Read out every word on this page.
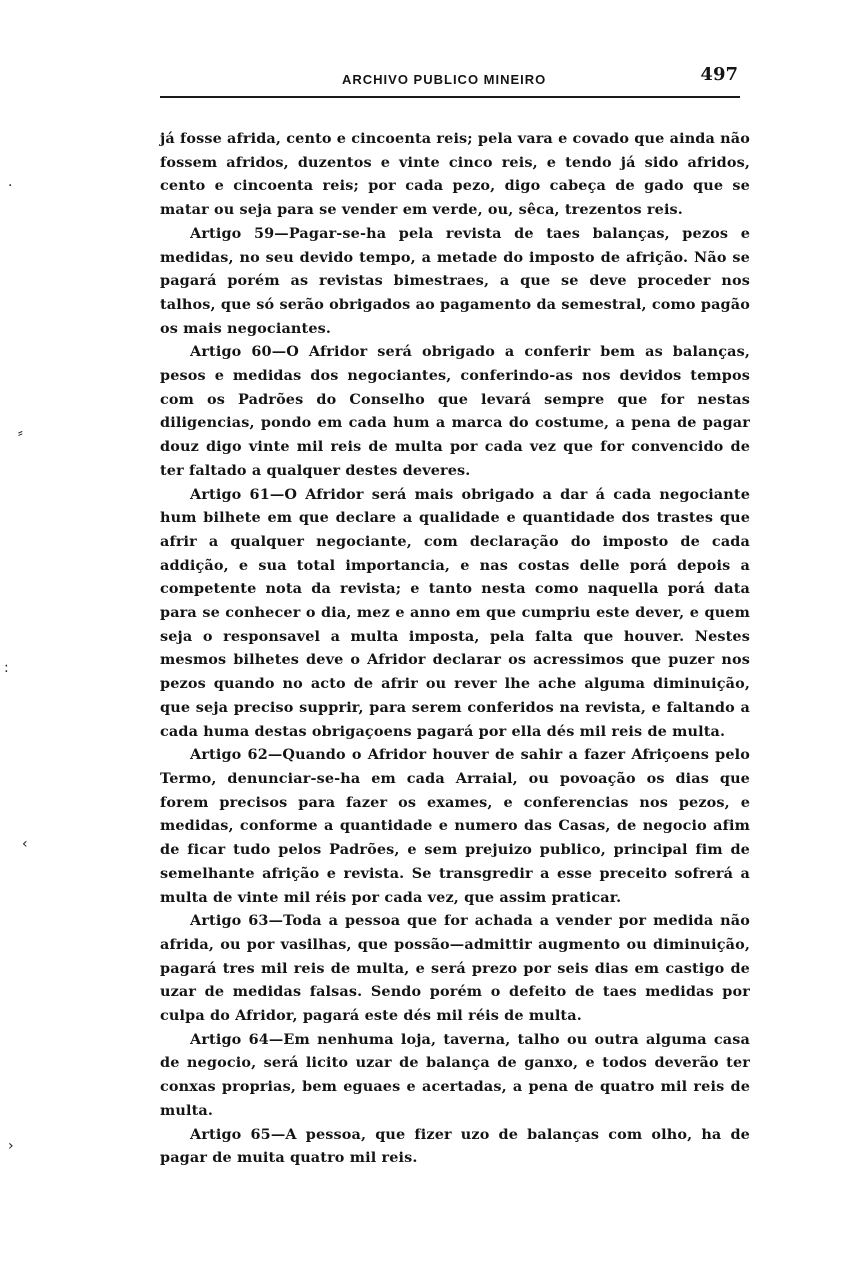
ARCHIVO PUBLICO MINEIRO	497

já fosse afrida, cento e cincoenta reis; pela vara e covado que ainda não fossem afridos, duzentos e vinte cinco reis, e tendo já sido afridos, cento e cincoenta reis; por cada pezo, digo cabeça de gado que se matar ou seja para se vender em verde, ou, sêca, trezentos reis.

Artigo 59—Pagar-se-ha pela revista de taes balanças, pezos e medidas, no seu devido tempo, a metade do imposto de afrição. Não se pagará porém as revistas bimestraes, a que se deve proceder nos talhos, que só serão obrigados ao pagamento da semestral, como pagão os mais negociantes.

Artigo 60—O Afridor será obrigado a conferir bem as balanças, pesos e medidas dos negociantes, conferindo-as nos devidos tempos com os Padrões do Conselho que levará sempre que for nestas diligencias, pondo em cada hum a marca do costume, a pena de pagar douz digo vinte mil reis de multa por cada vez que for convencido de ter faltado a qualquer destes deveres.

Artigo 61—O Afridor será mais obrigado a dar á cada negociante hum bilhete em que declare a qualidade e quantidade dos trastes que afrir a qualquer negociante, com declaração do imposto de cada addição, e sua total importancia, e nas costas delle porá depois a competente nota da revista; e tanto nesta como naquella porá data para se conhecer o dia, mez e anno em que cumpriu este dever, e quem seja o responsavel a multa imposta, pela falta que houver. Nestes mesmos bilhetes deve o Afridor declarar os acressimos que puzer nos pezos quando no acto de afrir ou rever lhe ache alguma diminuição, que seja preciso supprir, para serem conferidos na revista, e faltando a cada huma destas obrigaçoens pagará por ella dés mil reis de multa.

Artigo 62—Quando o Afridor houver de sahir a fazer Afriçoens pelo Termo, denunciar-se-ha em cada Arraial, ou povoação os dias que forem precisos para fazer os exames, e conferencias nos pezos, e medidas, conforme a quantidade e numero das Casas, de negocio afim de ficar tudo pelos Padrões, e sem prejuizo publico, principal fim de semelhante afrição e revista. Se transgredir a esse preceito sofrerá a multa de vinte mil réis por cada vez, que assim praticar.

Artigo 63—Toda a pessoa que for achada a vender por medida não afrida, ou por vasilhas, que possão—admittir augmento ou diminuição, pagará tres mil reis de multa, e será prezo por seis dias em castigo de uzar de medidas falsas. Sendo porém o defeito de taes medidas por culpa do Afridor, pagará este dés mil réis de multa.

Artigo 64—Em nenhuma loja, taverna, talho ou outra alguma casa de negocio, será licito uzar de balança de ganxo, e todos deverão ter conxas proprias, bem eguaes e acertadas, a pena de quatro mil reis de multa.

Artigo 65—A pessoa, que fizer uzo de balanças com olho, ha de pagar de muita quatro mil reis.

·
⸗
:
‹
›
